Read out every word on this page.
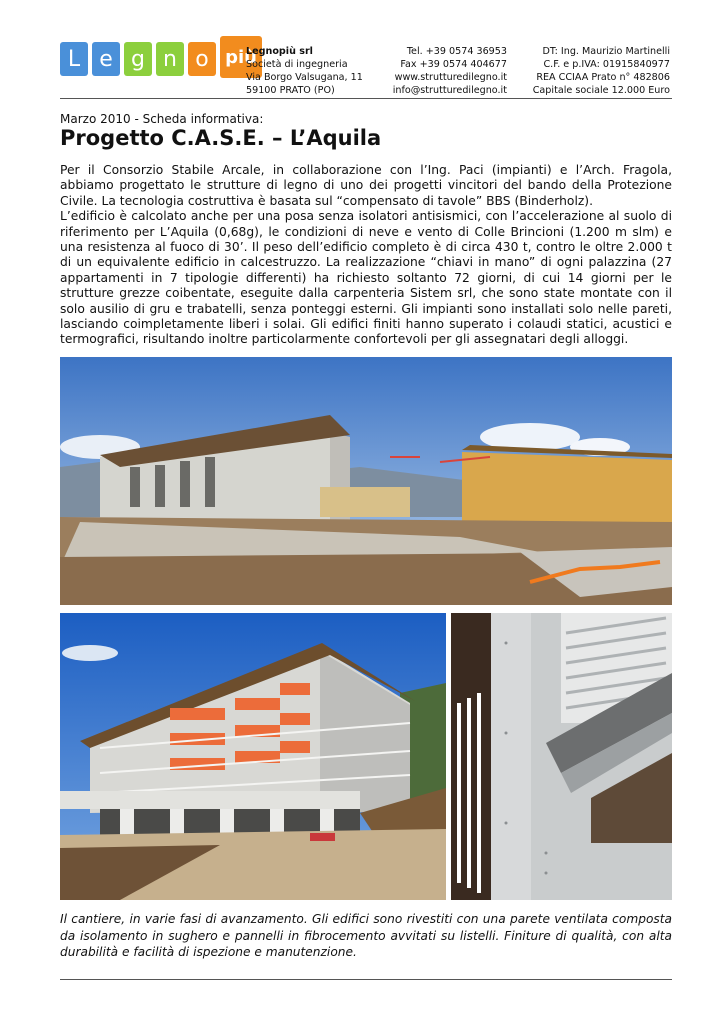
L e g n o più
Legnopiù srl
Società di ingegneria
Via Borgo Valsugana, 11
59100 PRATO (PO)
Tel. +39 0574 36953
Fax +39 0574 404677
www.strutturedilegno.it
info@strutturedilegno.it
DT: Ing. Maurizio Martinelli
C.F. e p.IVA: 01915840977
REA CCIAA Prato n° 482806
Capitale sociale 12.000 Euro
Marzo 2010 - Scheda informativa:
Progetto C.A.S.E. – L’Aquila

Per il Consorzio Stabile Arcale, in collaborazione con l’Ing. Paci (impianti) e l’Arch. Fragola, abbiamo progettato le strutture di legno di uno dei progetti vincitori del bando della Protezione Civile. La tecnologia costruttiva è basata sul “compensato di tavole” BBS (Binderholz).

L’edificio è calcolato anche per una posa senza isolatori antisismici, con l’accelerazione al suolo di riferimento per L’Aquila (0,68g), le condizioni di neve e vento di Colle Brincioni (1.200 m slm) e una resistenza al fuoco di 30’. Il peso dell’edificio completo è di circa 430 t, contro le oltre 2.000 t di un equivalente edificio in calcestruzzo. La realizzazione “chiavi in mano” di ogni palazzina (27 appartamenti in 7 tipologie differenti) ha richiesto soltanto 72 giorni, di cui 14 giorni per le strutture grezze coibentate, eseguite dalla carpenteria Sistem srl, che sono state montate con il solo ausilio di gru e trabatelli, senza ponteggi esterni. Gli impianti sono installati solo nelle pareti, lasciando coimpletamente liberi i solai. Gli edifici finiti hanno superato i colaudi statici, acustici e termografici, risultando inoltre particolarmente confortevoli per gli assegnatari degli alloggi.

Il cantiere, in varie fasi di avanzamento. Gli edifici sono rivestiti con una parete ventilata composta da isolamento in sughero e pannelli in fibrocemento avvitati su listelli. Finiture di qualità, con alta durabilità e facilità di ispezione e manutenzione.
